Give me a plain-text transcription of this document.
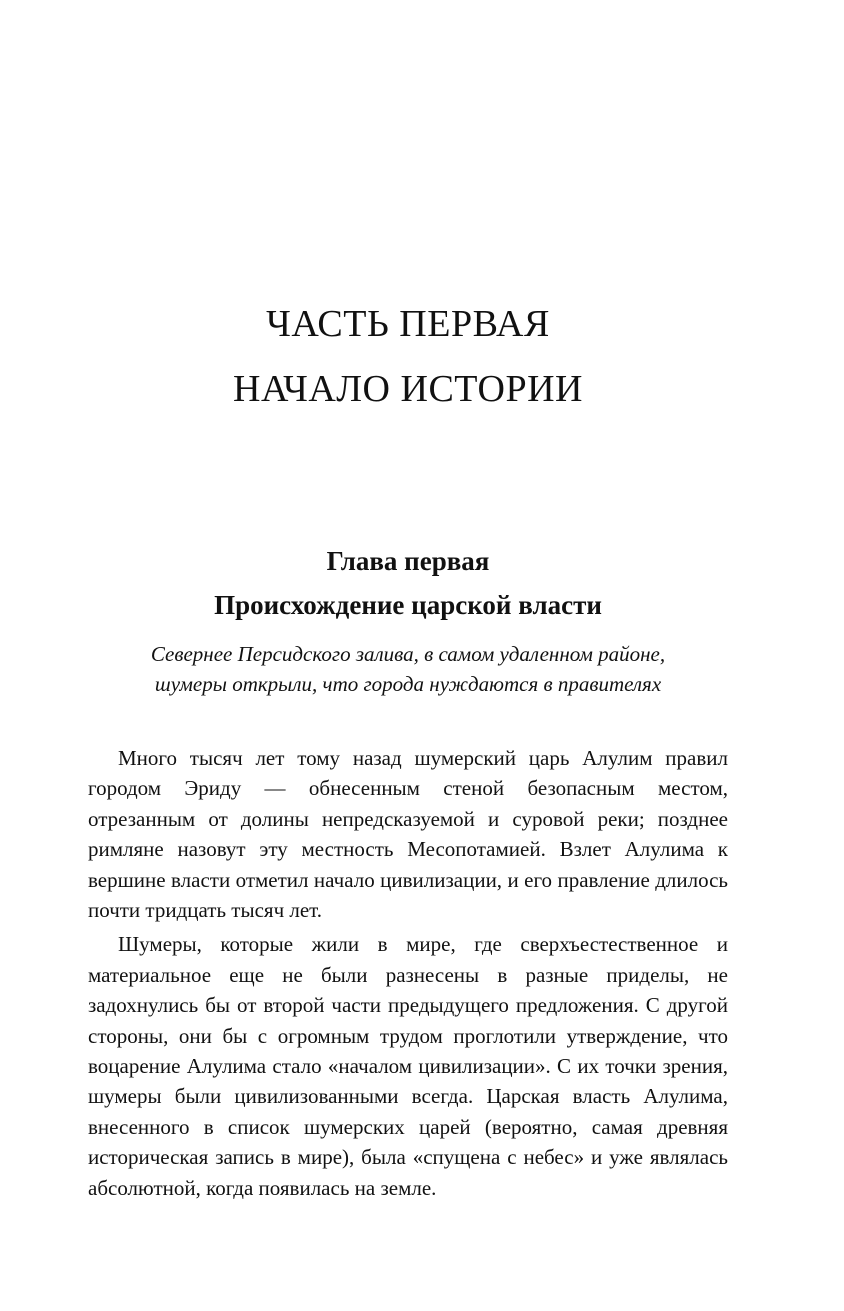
ЧАСТЬ ПЕРВАЯ
НАЧАЛО ИСТОРИИ
Глава первая
Происхождение царской власти
Севернее Персидского залива, в самом удаленном районе,
шумеры открыли, что города нуждаются в правителях

Много тысяч лет тому назад шумерский царь Алулим правил городом Эриду — обнесенным стеной безопасным местом, отрезанным от долины непредсказуемой и суровой реки; позднее римляне назовут эту местность Месопотамией. Взлет Алулима к вершине власти отметил начало цивилизации, и его правление длилось почти тридцать тысяч лет.

Шумеры, которые жили в мире, где сверхъестественное и материальное еще не были разнесены в разные приделы, не задохнулись бы от второй части предыдущего предложения. С другой стороны, они бы с огромным трудом проглотили утверждение, что воцарение Алулима стало «началом цивилизации». С их точки зрения, шумеры были цивилизованными всегда. Царская власть Алулима, внесенного в список шумерских царей (вероятно, самая древняя историческая запись в мире), была «спущена с небес» и уже являлась абсолютной, когда появилась на земле.
